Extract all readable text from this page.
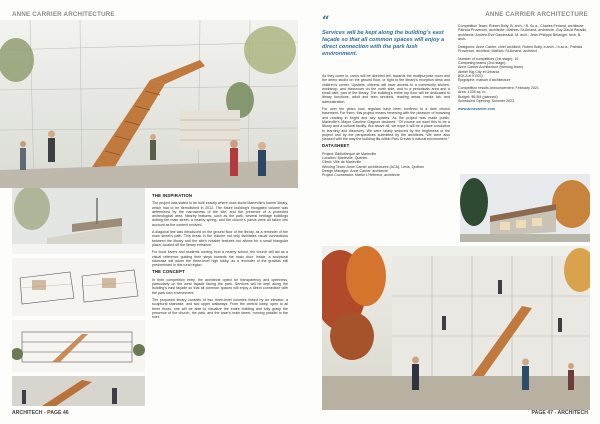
ANNE CARRIER ARCHITECTURE
THE INSPIRATION

The project was slated to be built exactly where once stood Marieville’s former library, which had to be demolished in 2012. The future building’s elongated volume was determined by the narrowness of the site, and the presence of a protected archeological area. Nearby features, such as the park, several heritage buildings dotting the main street, a nearby spring, and the church’s parvis were all taken into account as the context evolved.

A diagonal line was introduced on the ground floor of the library, as a reminder of the main street’s path. This break in the volume not only facilitates visual connections between the library and the site’s notable features but allows for a small triangular plaza, located off the library entrance.

For book lovers and students coming from a nearby school, the church will act as a visual reference guiding their steps towards the main door. Inside, a sculptural staircase will adorn the three-level high lobby, as a reminder of the gravitas still predominant in this rural region.

THE CONCEPT

In their competition entry, the architects opted for transparency and openness, particularly on the west façade facing the park. Services will be kept along the building’s east façade so that all common spaces will enjoy a direct connection with the park lush environment.

The proposed library consists of two three-level volumes linked by an elevator, a sculptural staircase, and two upper walkways. From the central lobby, open to all three floors, one will be able to visualize the entire building and fully grasp the presence of the church, the park, and the town’s main street, running parallel to the river.

ARCHITECH - PAGE 46
ANNE CARRIER ARCHITECTURE
“
Services will be kept along the building’s east façade so that all common spaces will enjoy a direct connection with the park lush environment.

As they come in, users will be directed left, towards the multipurpose room and the demo studio on the ground floor, or right to the library’s reception desk and children’s corner. Upstairs, citizens will have access to a community kitchen, workshop, and classroom on the north side, and to a periodicals area and a small café, part of the library. The building’s entire top floor will be dedicated to library functions, adult and teen sections, reading areas, media lab, and administration.

For over ten years now, regulars have been confined to a dark church basement. For them, this project means renewing with the pleasure of browsing and reading in bright and airy spaces. As the project was made public, Marieville’s Mayor Caroline Gagnon declared: “Of course we want this to be a library and a cultural facility. But above all, we hope it will be a place conducive to learning and discovery. We were totally seduced by the brightness of the project and by the perspectives submitted by the architects. We were also pleased with the way the building fits within Parc Crevier’s natural environment.”

DATASHEET
Project: Bibliothèque de Marieville
Location: Marieville, Québec
Client: Ville de Marieville
Winning Team: Anne Carrier architectures (ACA), Lévis, Québec
Design Manager: Anne Carrier, architecte
Project Coordinator: Martin L’Hébreux, architecte

Competition Team: Robert Bolly, B. arch. / B. Sc.a., Charles Ferland, architecte; Patricia Provencel, architecte; Mathieu St-Amand, architecte; Guy-David Paradis, architecte; Andrée-Ève Gaudreault, M. arch.; Jean-Philippe Bélanger, tech. B. arch.

Designers: Anne Carrier, chief architect; Robert Bolly, b.arch. / b.sc.a.; Patricia Provencel, architect; Mathieu St-Amand, architect

Number of competitors (1st stage): 19
Competing teams (2nd stage):
Anne Carrier Architecture (winning team)
Atelier Big City et Urbania
BGLA et EVOQ
Épigraphe, maison d’architecture
Competition results announcement: February 2021
Area: 1335 sq. m.
Budget: $6.5M (planned)
Scheduled Opening: Summer 2023
www.annecarrier.com
PAGE 47 - ARCHITECH
